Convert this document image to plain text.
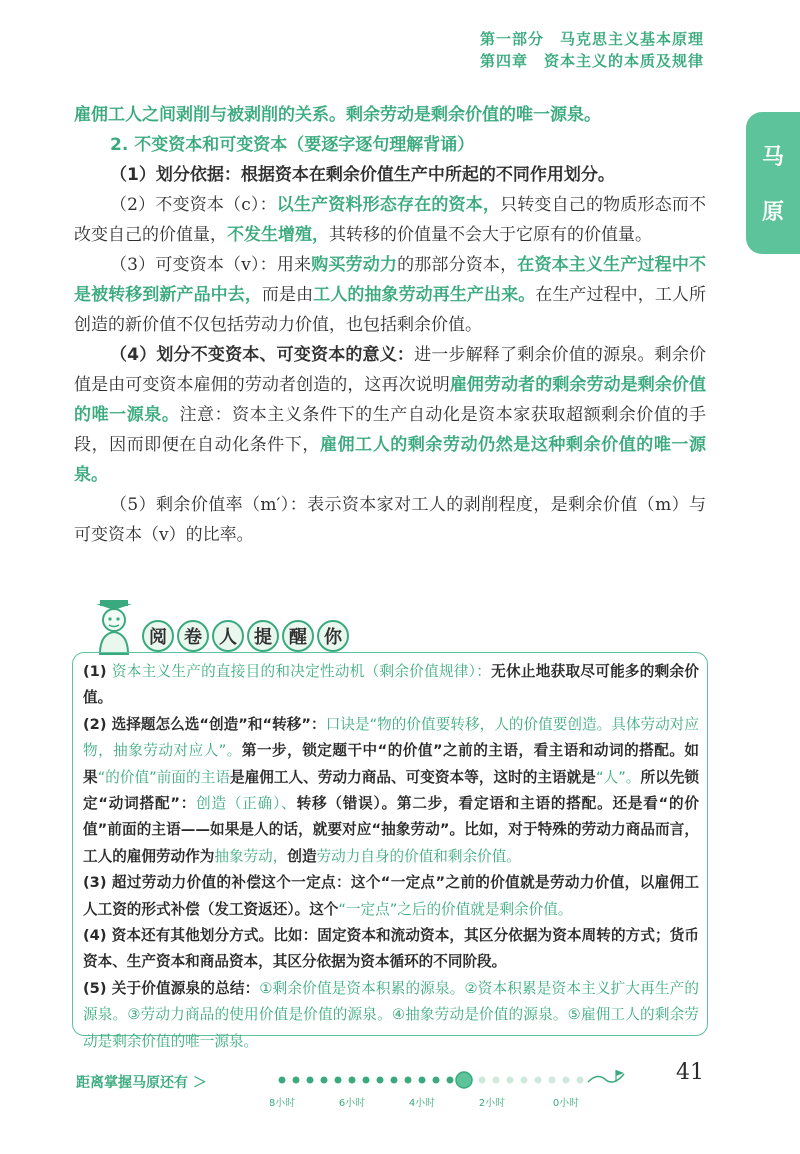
第一部分　马克思主义基本原理
第四章　资本主义的本质及规律
马
原

雇佣工人之间剥削与被剥削的关系。剩余劳动是剩余价值的唯一源泉。

2. 不变资本和可变资本（要逐字逐句理解背诵）

（1）划分依据：根据资本在剩余价值生产中所起的不同作用划分。

（2）不变资本（c）：以生产资料形态存在的资本，只转变自己的物质形态而不改变自己的价值量，不发生增殖，其转移的价值量不会大于它原有的价值量。

（3）可变资本（v）：用来购买劳动力的那部分资本，在资本主义生产过程中不是被转移到新产品中去，而是由工人的抽象劳动再生产出来。在生产过程中，工人所创造的新价值不仅包括劳动力价值，也包括剩余价值。

（4）划分不变资本、可变资本的意义：进一步解释了剩余价值的源泉。剩余价值是由可变资本雇佣的劳动者创造的，这再次说明雇佣劳动者的剩余劳动是剩余价值的唯一源泉。注意：资本主义条件下的生产自动化是资本家获取超额剩余价值的手段，因而即便在自动化条件下，雇佣工人的剩余劳动仍然是这种剩余价值的唯一源泉。

（5）剩余价值率（m′）：表示资本家对工人的剥削程度，是剩余价值（m）与可变资本（v）的比率。

阅 卷 人 提 醒 你

(1) 资本主义生产的直接目的和决定性动机（剩余价值规律）：无休止地获取尽可能多的剩余价值。

(2) 选择题怎么选“创造”和“转移”：口诀是“物的价值要转移，人的价值要创造。具体劳动对应物，抽象劳动对应人”。第一步，锁定题干中“的价值”之前的主语，看主语和动词的搭配。如果“的价值”前面的主语是雇佣工人、劳动力商品、可变资本等，这时的主语就是“人”。所以先锁定“动词搭配”：创造（正确）、转移（错误）。第二步，看定语和主语的搭配。还是看“的价值”前面的主语——如果是人的话，就要对应“抽象劳动”。比如，对于特殊的劳动力商品而言，工人的雇佣劳动作为抽象劳动，创造劳动力自身的价值和剩余价值。

(3) 超过劳动力价值的补偿这个一定点：这个“一定点”之前的价值就是劳动力价值，以雇佣工人工资的形式补偿（发工资返还）。这个“一定点”之后的价值就是剩余价值。

(4) 资本还有其他划分方式。比如：固定资本和流动资本，其区分依据为资本周转的方式；货币资本、生产资本和商品资本，其区分依据为资本循环的不同阶段。

(5) 关于价值源泉的总结：①剩余价值是资本积累的源泉。②资本积累是资本主义扩大再生产的源泉。③劳动力商品的使用价值是价值的源泉。④抽象劳动是价值的源泉。⑤雇佣工人的剩余劳动是剩余价值的唯一源泉。

距离掌握马原还有 ＞
8小时	6小时	4小时	2小时	0小时
41
